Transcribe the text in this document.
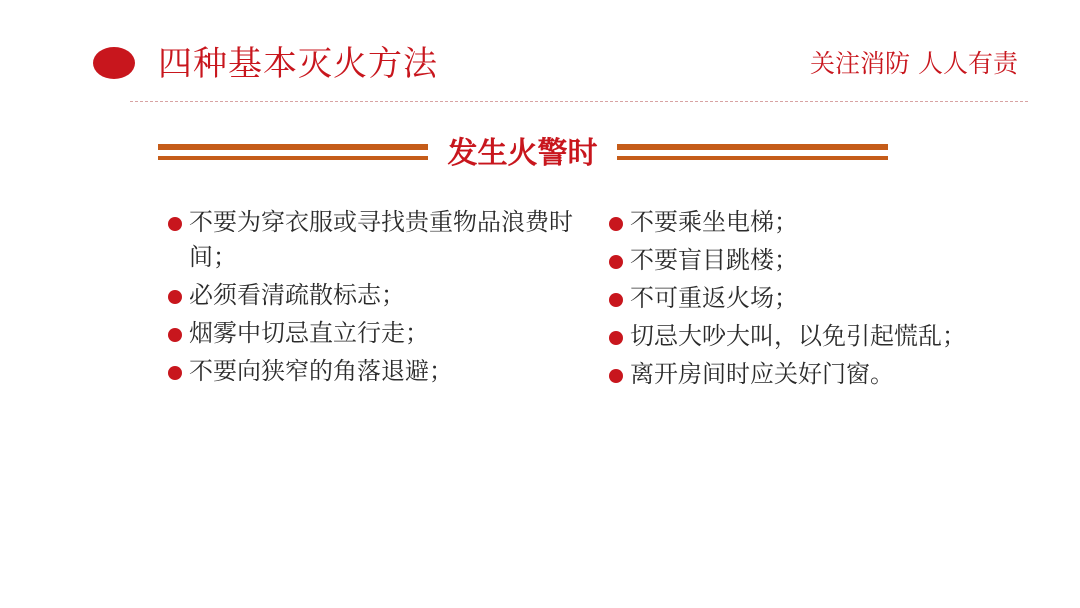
四种基本灭火方法	关注消防 人人有责
发生火警时
不要为穿衣服或寻找贵重物品浪费时间；
必须看清疏散标志；
烟雾中切忌直立行走；
不要向狭窄的角落退避；
不要乘坐电梯；
不要盲目跳楼；
不可重返火场；
切忌大吵大叫，以免引起慌乱；
离开房间时应关好门窗。
